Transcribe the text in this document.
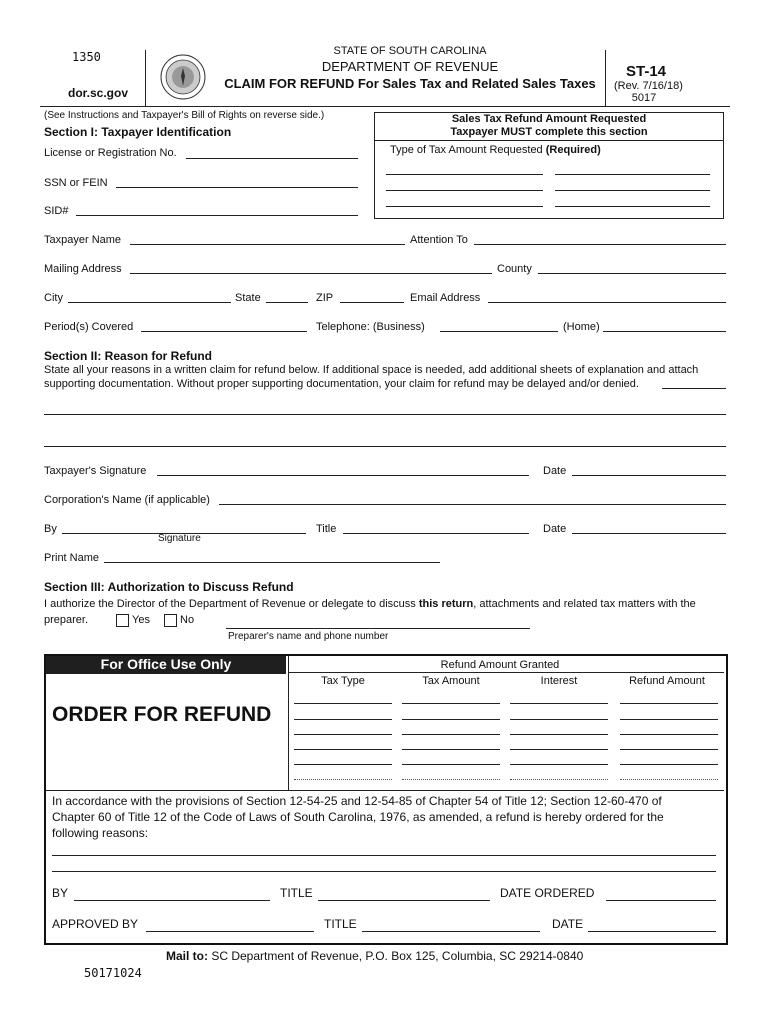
1350
dor.sc.gov
STATE OF SOUTH CAROLINA
DEPARTMENT OF REVENUE
CLAIM FOR REFUND For Sales Tax and Related Sales Taxes
ST-14
(Rev. 7/16/18)
5017
(See Instructions and Taxpayer's Bill of Rights on reverse side.)
Section I: Taxpayer Identification
License or Registration No.
SSN or FEIN
SID#
Sales Tax Refund Amount Requested
Taxpayer MUST complete this section
Type of Tax Amount Requested (Required)
Taxpayer Name	Attention To
Mailing Address	County
City	State	ZIP	Email Address
Period(s) Covered	Telephone: (Business)	(Home)
Section II: Reason for Refund
State all your reasons in a written claim for refund below. If additional space is needed, add additional sheets of explanation and attach
supporting documentation. Without proper supporting documentation, your claim for refund may be delayed and/or denied.
Taxpayer's Signature	Date
Corporation's Name (if applicable)
By
Signature
Title	Date
Print Name
Section III: Authorization to Discuss Refund
I authorize the Director of the Department of Revenue or delegate to discuss this return, attachments and related tax matters with the
preparer.	Yes	No
Preparer's name and phone number
For Office Use Only
ORDER FOR REFUND
Refund Amount Granted
Tax Type	Tax Amount	Interest	Refund Amount
In accordance with the provisions of Section 12-54-25 and 12-54-85 of Chapter 54 of Title 12; Section 12-60-470 of
Chapter 60 of Title 12 of the Code of Laws of South Carolina, 1976, as amended, a refund is hereby ordered for the
following reasons:
BY	TITLE	DATE ORDERED
APPROVED BY	TITLE	DATE
Mail to: SC Department of Revenue, P.O. Box 125, Columbia, SC 29214-0840
50171024
